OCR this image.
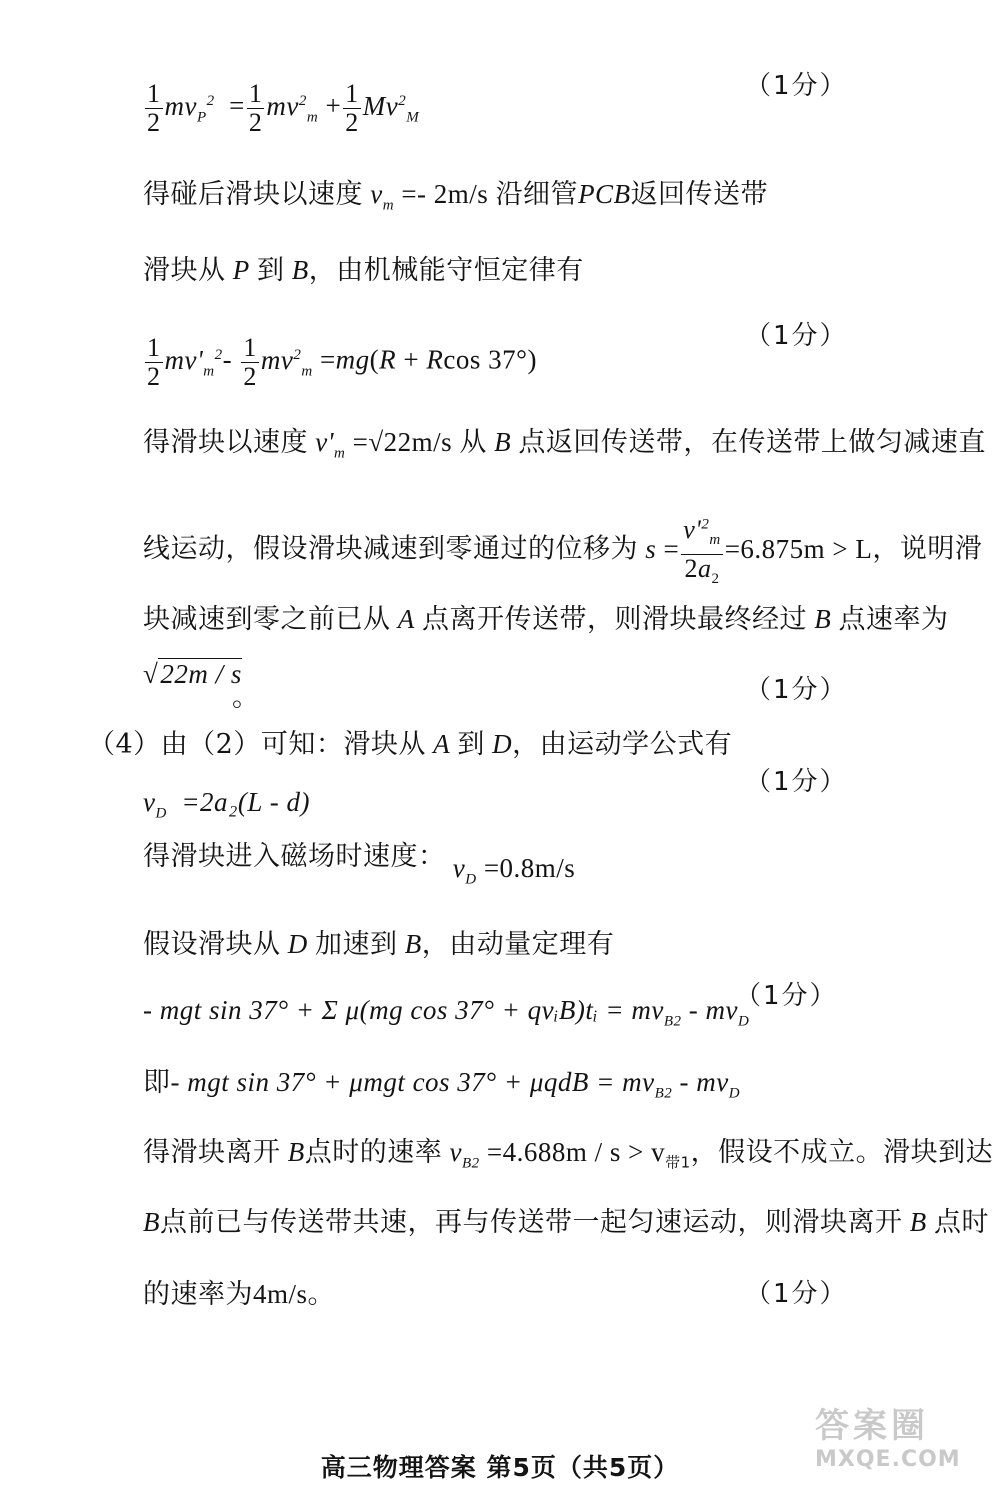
$\frac{1}{2} mv_P^2 = \frac{1}{2} mv^2_m + \frac{1}{2} Mv^2_M$
（1分）
得碰后滑块以速度 $v_m =- 2m/s$ 沿细管PCB返回传送带
滑块从 P 到 B，由机械能守恒定律有
$\frac{1}{2} mv'_m^2- \frac{1}{2} mv^2_m =mg(R + Rcos$ 37°)
（1分）
得滑块以速度 $v'_m =√22m/s$ 从 B 点返回传送带，在传送带上做匀减速直
线运动，假设滑块减速到零通过的位移为 $s = \frac{v'^2_m}{2a_2} =6.875m > L$，说明滑
块减速到零之前已从 A 点离开传送带，则滑块最终经过 B 点速率为
√22m / s
。	（1分）
（4）由（2）可知：滑块从 A 到 D，由运动学公式有
$v_D =2a_2(L - d)$
（1分）
得滑块进入磁场时速度： $v_D =0.8m/s$
假设滑块从 D 加速到 B，由动量定理有
- mgt sin 37° + Σ μ(mg cos 37° + qvᵢB)tᵢ = $mv_{B2} - mv_D$
（1分）
即- mgt sin 37° + μmgt $\cos 37^\circ + \mu qdB = mv_{B2} - mv_D$
得滑块离开 B点时的速率 $v_{B2} =4.688m / s > v_{带1}$，假设不成立。滑块到达
B点前已与传送带共速，再与传送带一起匀速运动，则滑块离开 B 点时
的速率为4m/s。	（1分）
高三物理答案 第5页（共5页）
答案圈
MXQE.COM
